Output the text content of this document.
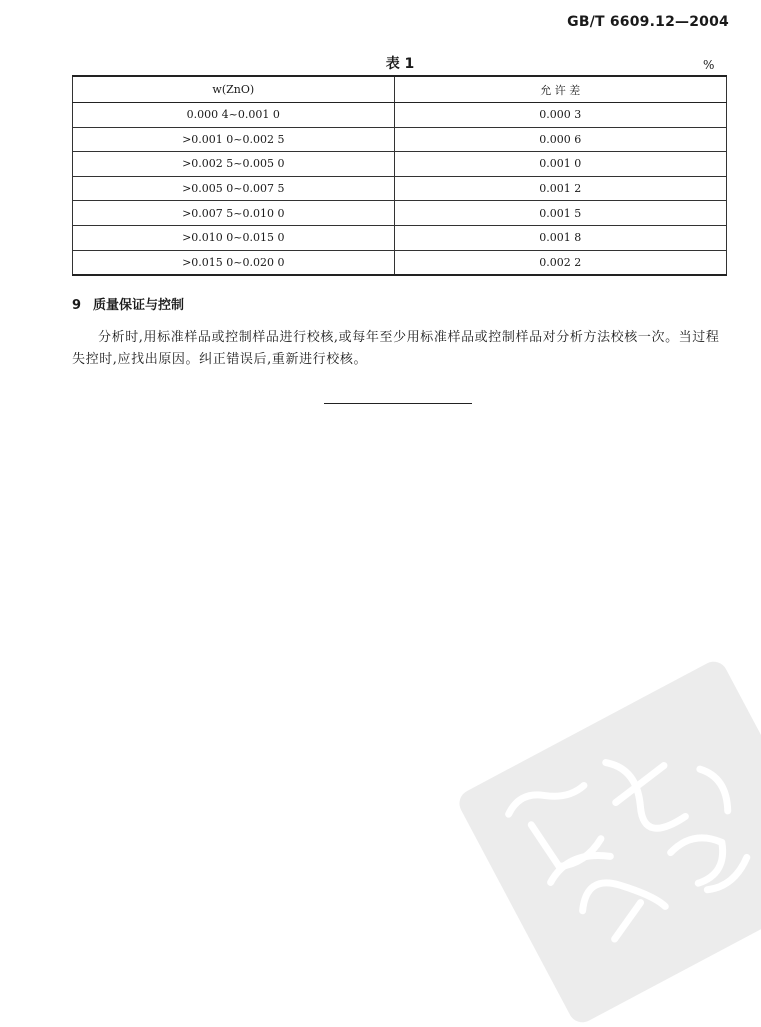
GB/T 6609.12—2004
表 1	%
w(ZnO)	允 许 差
0.000 4~0.001 0	0.000 3
>0.001 0~0.002 5	0.000 6
>0.002 5~0.005 0	0.001 0
>0.005 0~0.007 5	0.001 2
>0.007 5~0.010 0	0.001 5
>0.010 0~0.015 0	0.001 8
>0.015 0~0.020 0	0.002 2
9 质量保证与控制

分析时,用标准样品或控制样品进行校核,或每年至少用标准样品或控制样品对分析方法校核一次。当过程失控时,应找出原因。纠正错误后,重新进行校核。
